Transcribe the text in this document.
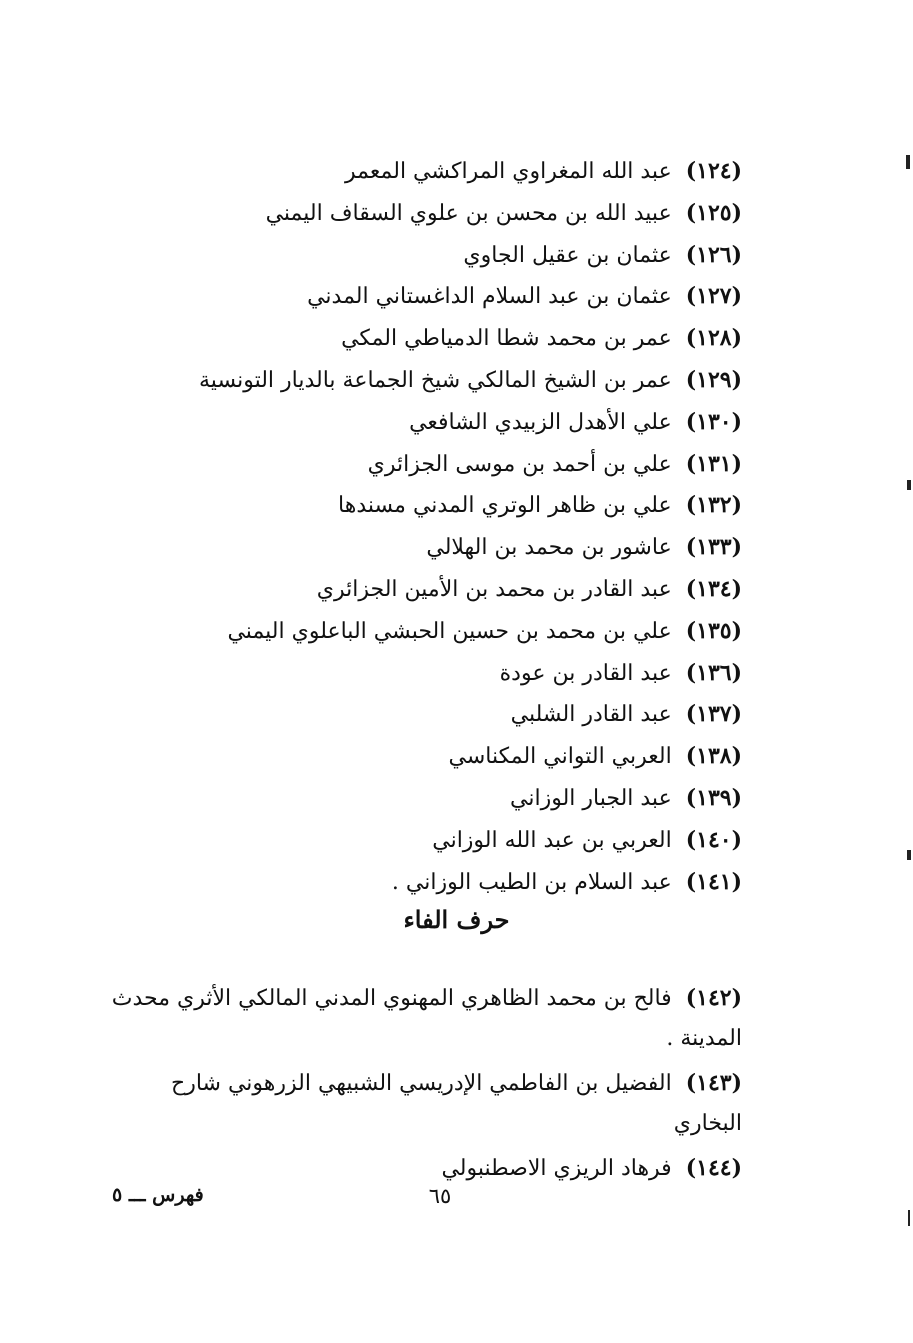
(١٢٤)عبد الله المغراوي المراكشي المعمر
(١٢٥)عبيد الله بن محسن بن علوي السقاف اليمني
(١٢٦)عثمان بن عقيل الجاوي
(١٢٧)عثمان بن عبد السلام الداغستاني المدني
(١٢٨)عمر بن محمد شطا الدمياطي المكي
(١٢٩)عمر بن الشيخ المالكي شيخ الجماعة بالديار التونسية
(١٣٠)علي الأهدل الزبيدي الشافعي
(١٣١)علي بن أحمد بن موسى الجزائري
(١٣٢)علي بن ظاهر الوتري المدني مسندها
(١٣٣)عاشور بن محمد بن الهلالي
(١٣٤)عبد القادر بن محمد بن الأمين الجزائري
(١٣٥)علي بن محمد بن حسين الحبشي الباعلوي اليمني
(١٣٦)عبد القادر بن عودة
(١٣٧)عبد القادر الشلبي
(١٣٨)العربي التواني المكناسي
(١٣٩)عبد الجبار الوزاني
(١٤٠)العربي بن عبد الله الوزاني
(١٤١)عبد السلام بن الطيب الوزاني .
حرف الفاء
(١٤٢)فالح بن محمد الظاهري المهنوي المدني المالكي الأثري محدث المدينة .
(١٤٣)الفضيل بن الفاطمي الإدريسي الشبيهي الزرهوني شارح البخاري
(١٤٤)فرهاد الريزي الاصطنبولي
٦٥
فهرس ـــ ٥
